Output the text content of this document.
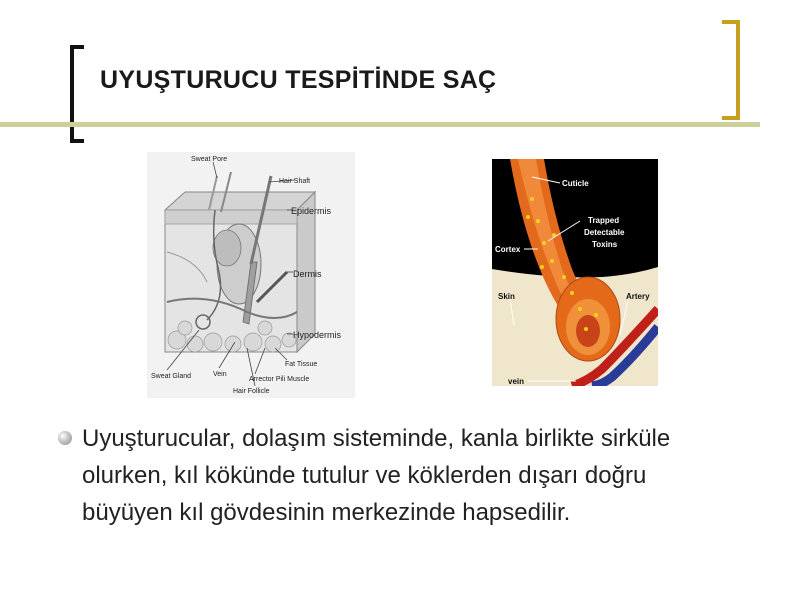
UYUŞTURUCU TESPİTİNDE SAÇ
Sweat Pore
Hair Shaft
Epidermis
Dermis
Hypodermis
Fat Tissue
Sweat Gland	Vein
Arrector Pili Muscle
Hair Follicle
Cuticle
Trapped
Detectable
Toxins
Cortex
Skin	Artery
vein
Uyuşturucular, dolaşım sisteminde, kanla birlikte sirküle olurken, kıl kökünde tutulur ve köklerden dışarı doğru büyüyen kıl gövdesinin merkezinde hapsedilir.
